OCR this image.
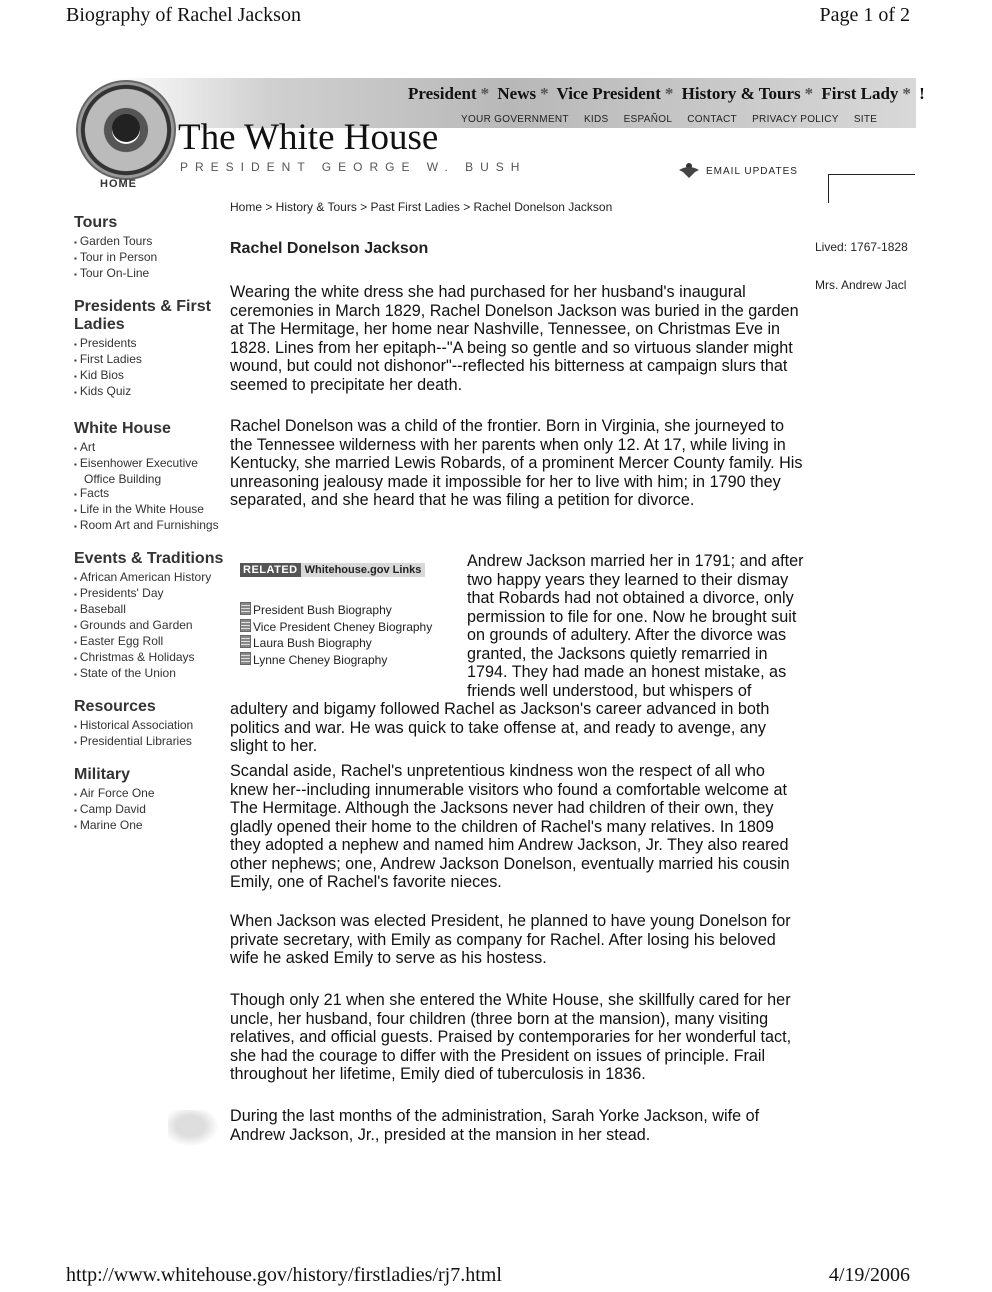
Biography of Rachel Jackson	Page 1 of 2
HOME
The White House
PRESIDENT GEORGE W. BUSH
President * News * Vice President * History & Tours * First Lady * !
YOUR GOVERNMENT KIDS ESPAÑOL CONTACT PRIVACY POLICY SITE
EMAIL UPDATES
Tours
▪ Garden Tours
▪ Tour in Person
▪ Tour On-Line
Presidents & First Ladies
▪ Presidents
▪ First Ladies
▪ Kid Bios
▪ Kids Quiz
White House
▪ Art
▪ Eisenhower Executive Office Building
▪ Facts
▪ Life in the White House
▪ Room Art and Furnishings
Events & Traditions
▪ African American History
▪ Presidents' Day
▪ Baseball
▪ Grounds and Garden
▪ Easter Egg Roll
▪ Christmas & Holidays
▪ State of the Union
Resources
▪ Historical Association
▪ Presidential Libraries
Military
▪ Air Force One
▪ Camp David
▪ Marine One
Home > History & Tours > Past First Ladies > Rachel Donelson Jackson
Rachel Donelson Jackson	Lived: 1767-1828
Mrs. Andrew Jacl

Wearing the white dress she had purchased for her husband's inaugural ceremonies in March 1829, Rachel Donelson Jackson was buried in the garden at The Hermitage, her home near Nashville, Tennessee, on Christmas Eve in 1828. Lines from her epitaph--"A being so gentle and so virtuous slander might wound, but could not dishonor"--reflected his bitterness at campaign slurs that seemed to precipitate her death.

Rachel Donelson was a child of the frontier. Born in Virginia, she journeyed to the Tennessee wilderness with her parents when only 12. At 17, while living in Kentucky, she married Lewis Robards, of a prominent Mercer County family. His unreasoning jealousy made it impossible for her to live with him; in 1790 they separated, and she heard that he was filing a petition for divorce.

RELATED Whitehouse.gov Links
President Bush Biography
Vice President Cheney Biography
Laura Bush Biography
Lynne Cheney Biography

Andrew Jackson married her in 1791; and after two happy years they learned to their dismay that Robards had not obtained a divorce, only permission to file for one. Now he brought suit on grounds of adultery. After the divorce was granted, the Jacksons quietly remarried in 1794. They had made an honest mistake, as friends well understood, but whispers of adultery and bigamy followed Rachel as Jackson's career advanced in both politics and war. He was quick to take offense at, and ready to avenge, any slight to her.

Scandal aside, Rachel's unpretentious kindness won the respect of all who knew her--including innumerable visitors who found a comfortable welcome at The Hermitage. Although the Jacksons never had children of their own, they gladly opened their home to the children of Rachel's many relatives. In 1809 they adopted a nephew and named him Andrew Jackson, Jr. They also reared other nephews; one, Andrew Jackson Donelson, eventually married his cousin Emily, one of Rachel's favorite nieces.

When Jackson was elected President, he planned to have young Donelson for private secretary, with Emily as company for Rachel. After losing his beloved wife he asked Emily to serve as his hostess.

Though only 21 when she entered the White House, she skillfully cared for her uncle, her husband, four children (three born at the mansion), many visiting relatives, and official guests. Praised by contemporaries for her wonderful tact, she had the courage to differ with the President on issues of principle. Frail throughout her lifetime, Emily died of tuberculosis in 1836.

During the last months of the administration, Sarah Yorke Jackson, wife of Andrew Jackson, Jr., presided at the mansion in her stead.

http://www.whitehouse.gov/history/firstladies/rj7.html	4/19/2006
